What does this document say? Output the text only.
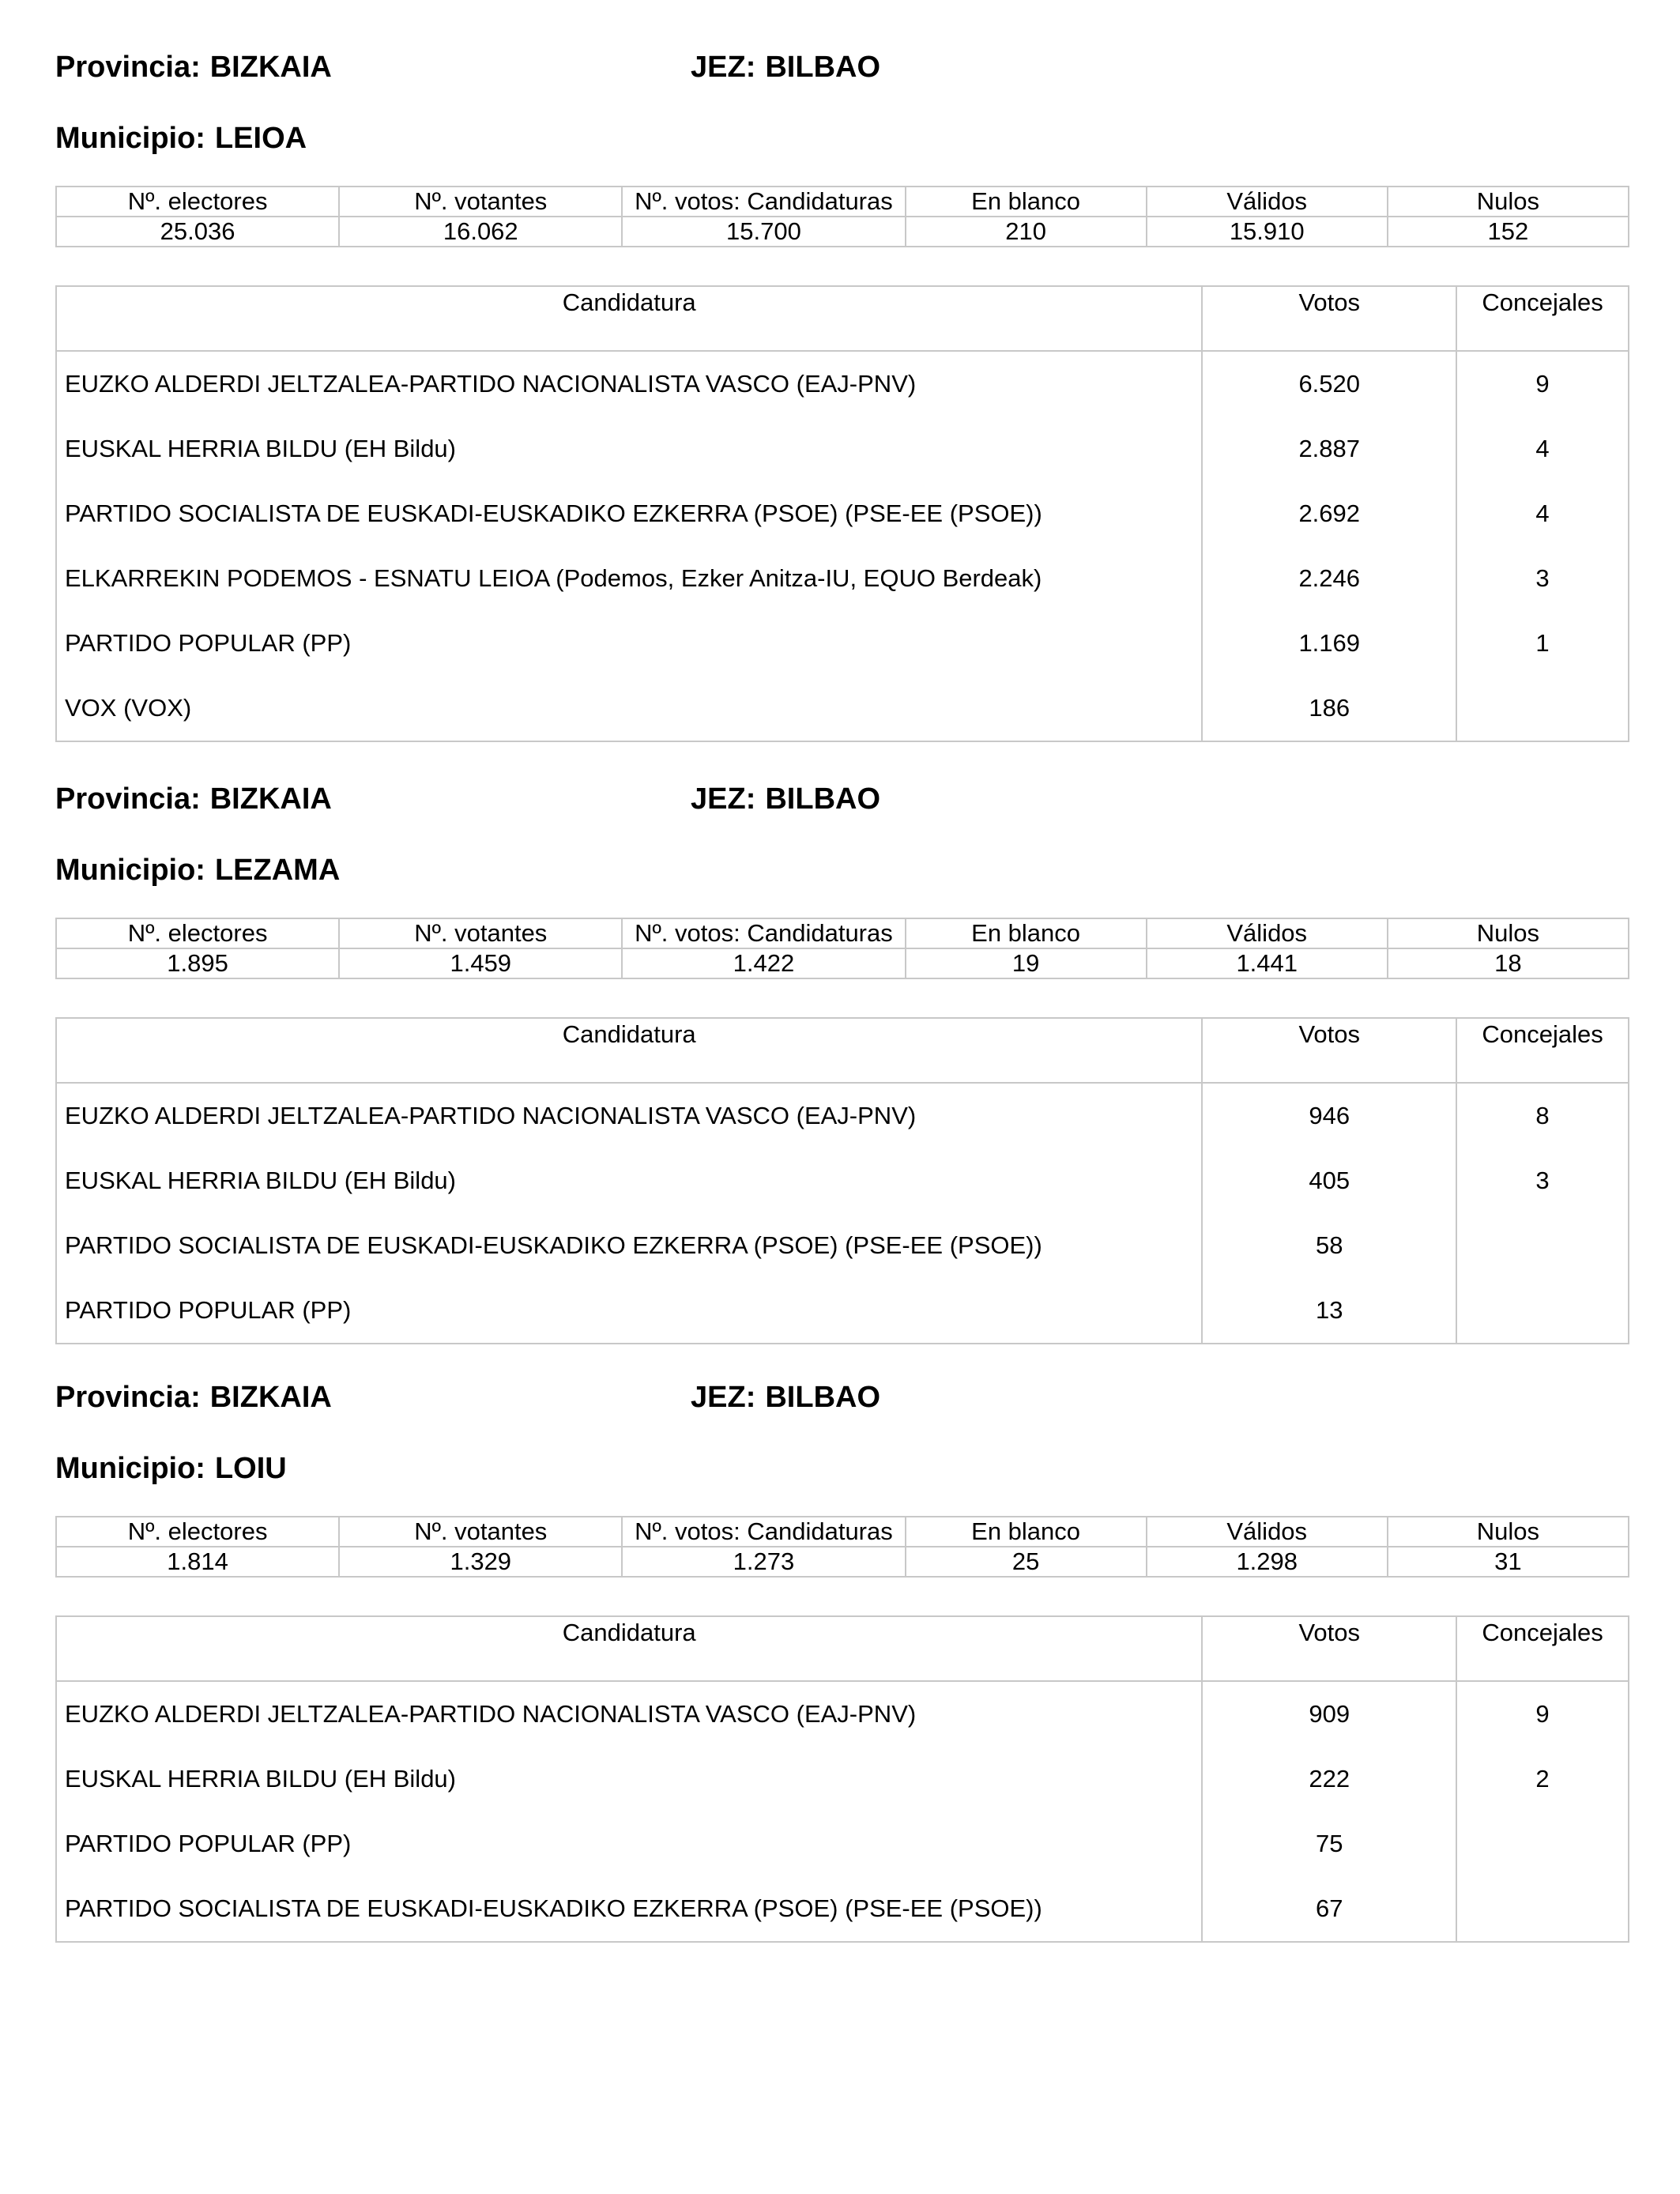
Provincia: BIZKAIA	JEZ: BILBAO
Municipio: LEIOA
Nº. electores	Nº. votantes	Nº. votos: Candidaturas	En blanco	Válidos	Nulos
25.036	16.062	15.700	210	15.910	152
Candidatura	Votos	Concejales
EUZKO ALDERDI JELTZALEA-PARTIDO NACIONALISTA VASCO (EAJ-PNV)	6.520	9
EUSKAL HERRIA BILDU (EH Bildu)	2.887	4
PARTIDO SOCIALISTA DE EUSKADI-EUSKADIKO EZKERRA (PSOE) (PSE-EE (PSOE))	2.692	4
ELKARREKIN PODEMOS - ESNATU LEIOA (Podemos, Ezker Anitza-IU, EQUO Berdeak)	2.246	3
PARTIDO POPULAR (PP)	1.169	1
VOX (VOX)	186	
Provincia: BIZKAIA	JEZ: BILBAO
Municipio: LEZAMA
Nº. electores	Nº. votantes	Nº. votos: Candidaturas	En blanco	Válidos	Nulos
1.895	1.459	1.422	19	1.441	18
Candidatura	Votos	Concejales
EUZKO ALDERDI JELTZALEA-PARTIDO NACIONALISTA VASCO (EAJ-PNV)	946	8
EUSKAL HERRIA BILDU (EH Bildu)	405	3
PARTIDO SOCIALISTA DE EUSKADI-EUSKADIKO EZKERRA (PSOE) (PSE-EE (PSOE))	58	
PARTIDO POPULAR (PP)	13	
Provincia: BIZKAIA	JEZ: BILBAO
Municipio: LOIU
Nº. electores	Nº. votantes	Nº. votos: Candidaturas	En blanco	Válidos	Nulos
1.814	1.329	1.273	25	1.298	31
Candidatura	Votos	Concejales
EUZKO ALDERDI JELTZALEA-PARTIDO NACIONALISTA VASCO (EAJ-PNV)	909	9
EUSKAL HERRIA BILDU (EH Bildu)	222	2
PARTIDO POPULAR (PP)	75	
PARTIDO SOCIALISTA DE EUSKADI-EUSKADIKO EZKERRA (PSOE) (PSE-EE (PSOE))	67	
